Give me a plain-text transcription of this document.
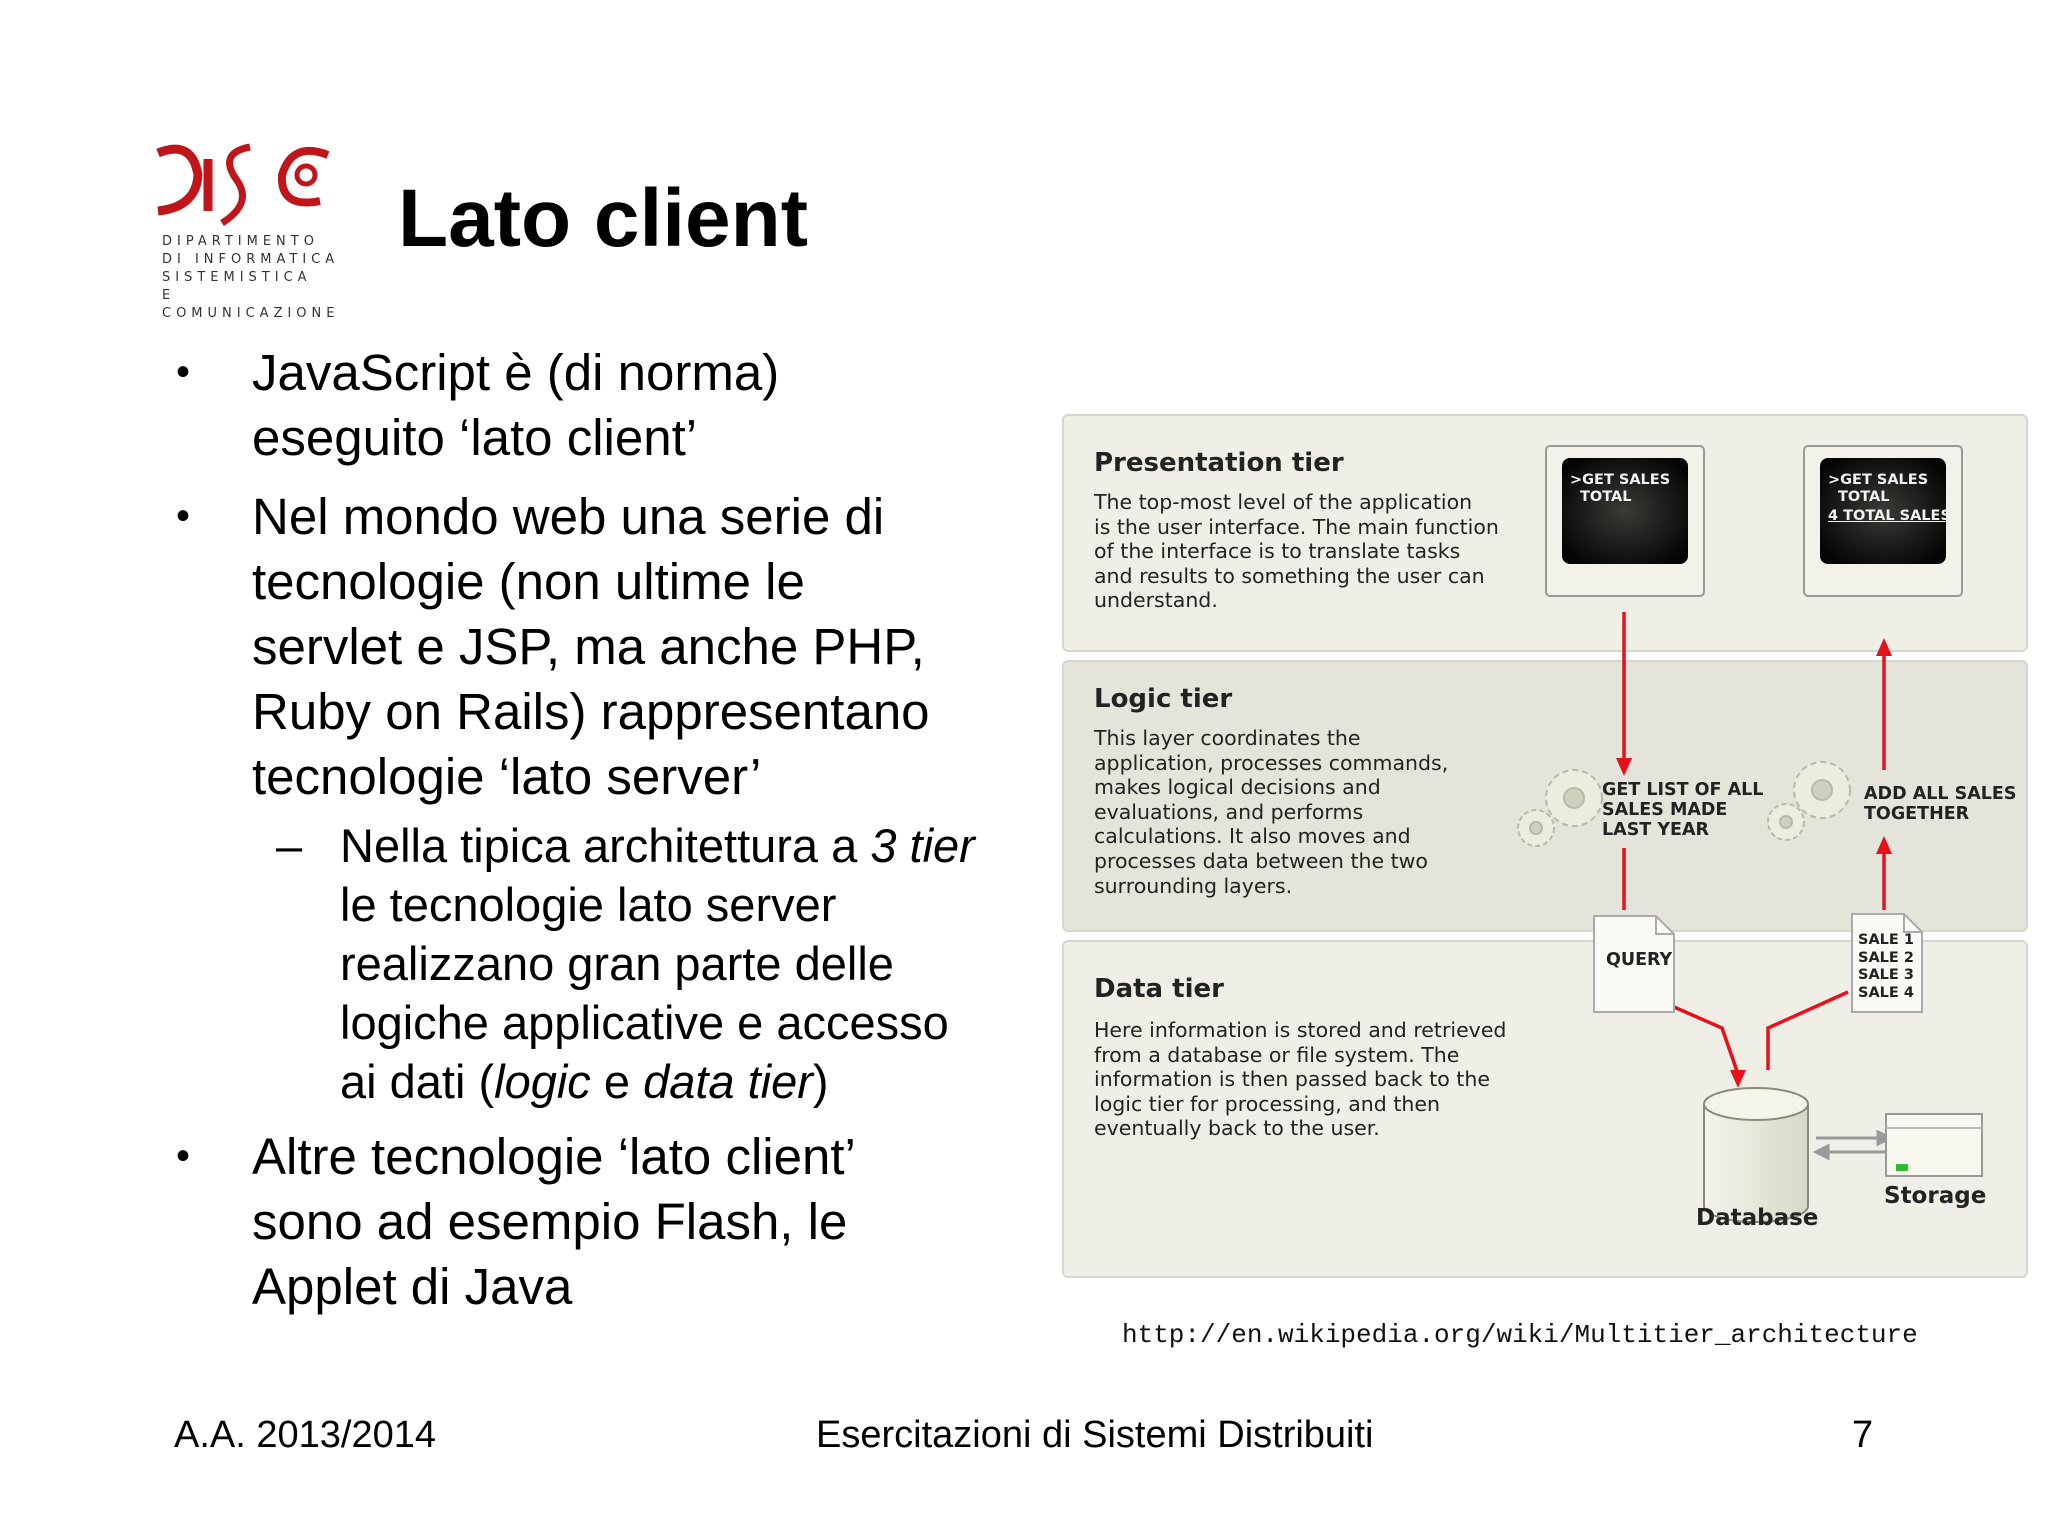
DIPARTIMENTO
DI INFORMATICA
SISTEMISTICA
E COMUNICAZIONE
Lato client
• JavaScript è (di norma)
eseguito ‘lato client’
• Nel mondo web una serie di
tecnologie (non ultime le
servlet e JSP, ma anche PHP,
Ruby on Rails) rappresentano
tecnologie ‘lato server’
– Nella tipica architettura a 3 tier
le tecnologie lato server
realizzano gran parte delle
logiche applicative e accesso
ai dati (logic e data tier)
• Altre tecnologie ‘lato client’
sono ad esempio Flash, le
Applet di Java
Presentation tier
The top-most level of the application
is the user interface. The main function
of the interface is to translate tasks
and results to something the user can
understand.
Logic tier
This layer coordinates the
application, processes commands,
makes logical decisions and
evaluations, and performs
calculations. It also moves and
processes data between the two
surrounding layers.
Data tier
Here information is stored and retrieved
from a database or file system. The
information is then passed back to the
logic tier for processing, and then
eventually back to the user.
>GET SALES
TOTAL
>GET SALES
TOTAL
4 TOTAL SALES
GET LIST OF ALL
SALES MADE
LAST YEAR
ADD ALL SALES
TOGETHER
QUERY
SALE 1
SALE 2
SALE 3
SALE 4
Database
Storage
http://en.wikipedia.org/wiki/Multitier_architecture
A.A. 2013/2014	Esercitazioni di Sistemi Distribuiti	7
